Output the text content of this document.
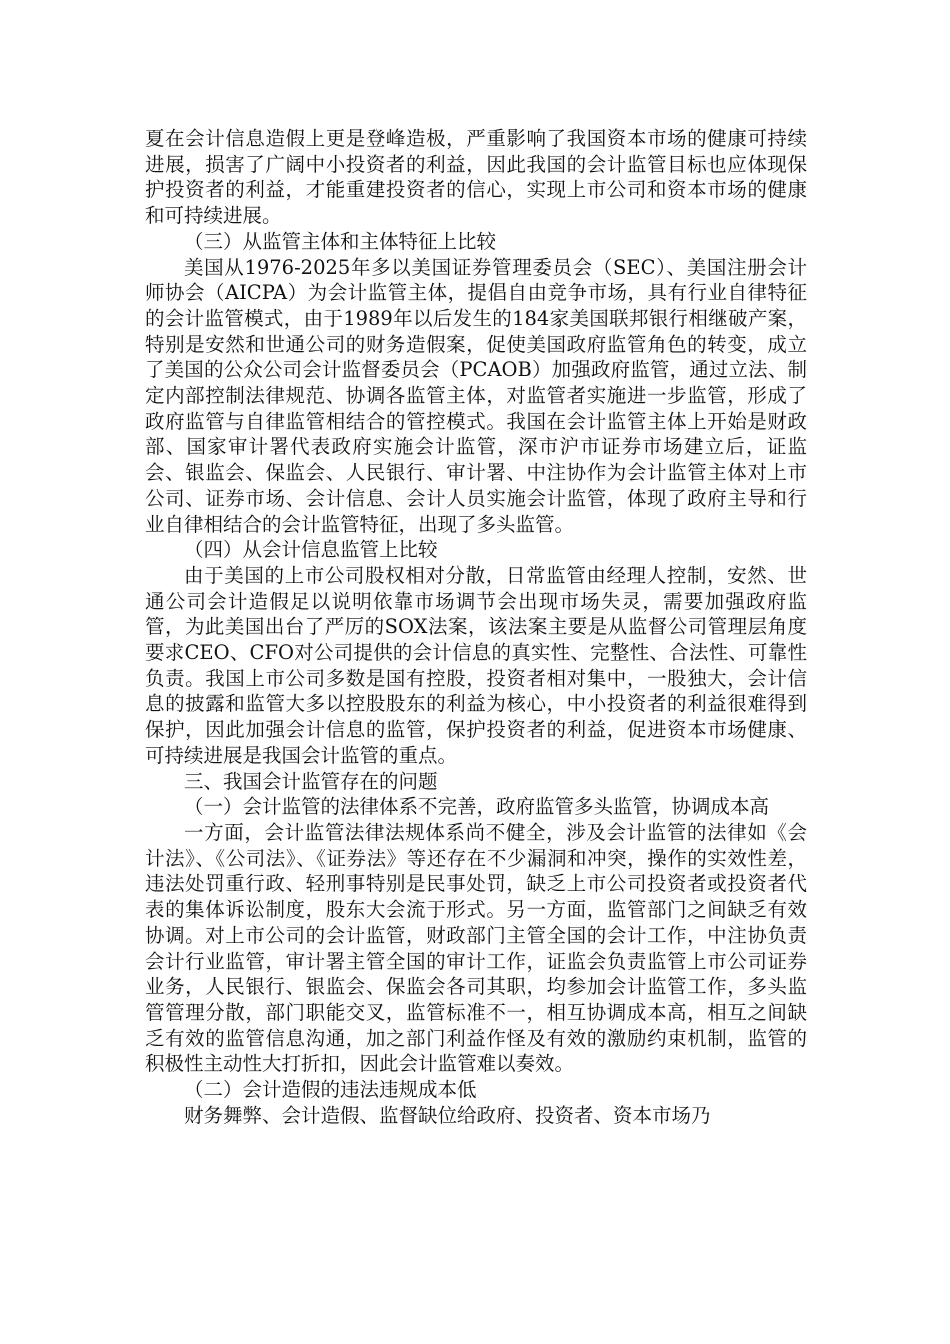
夏在会计信息造假上更是登峰造极，严重影响了我国资本市场的健康可持续进展，损害了广阔中小投资者的利益，因此我国的会计监管目标也应体现保护投资者的利益，才能重建投资者的信心，实现上市公司和资本市场的健康和可持续进展。

（三）从监管主体和主体特征上比较

美国从1976-2025年多以美国证券管理委员会（SEC）、美国注册会计师协会（AICPA）为会计监管主体，提倡自由竞争市场，具有行业自律特征的会计监管模式，由于1989年以后发生的184家美国联邦银行相继破产案，特别是安然和世通公司的财务造假案，促使美国政府监管角色的转变，成立了美国的公众公司会计监督委员会（PCAOB）加强政府监管，通过立法、制定内部控制法律规范、协调各监管主体，对监管者实施进一步监管，形成了政府监管与自律监管相结合的管控模式。我国在会计监管主体上开始是财政部、国家审计署代表政府实施会计监管，深市沪市证券市场建立后，证监会、银监会、保监会、人民银行、审计署、中注协作为会计监管主体对上市公司、证券市场、会计信息、会计人员实施会计监管，体现了政府主导和行业自律相结合的会计监管特征，出现了多头监管。

（四）从会计信息监管上比较

由于美国的上市公司股权相对分散，日常监管由经理人控制，安然、世通公司会计造假足以说明依靠市场调节会出现市场失灵，需要加强政府监管，为此美国出台了严厉的SOX法案，该法案主要是从监督公司管理层角度要求CEO、CFO对公司提供的会计信息的真实性、完整性、合法性、可靠性负责。我国上市公司多数是国有控股，投资者相对集中，一股独大，会计信息的披露和监管大多以控股股东的利益为核心，中小投资者的利益很难得到保护，因此加强会计信息的监管，保护投资者的利益，促进资本市场健康、可持续进展是我国会计监管的重点。

三、我国会计监管存在的问题

（一）会计监管的法律体系不完善，政府监管多头监管，协调成本高

一方面，会计监管法律法规体系尚不健全，涉及会计监管的法律如《会计法》、《公司法》、《证券法》等还存在不少漏洞和冲突，操作的实效性差，违法处罚重行政、轻刑事特别是民事处罚，缺乏上市公司投资者或投资者代表的集体诉讼制度，股东大会流于形式。另一方面，监管部门之间缺乏有效协调。对上市公司的会计监管，财政部门主管全国的会计工作，中注协负责会计行业监管，审计署主管全国的审计工作，证监会负责监管上市公司证券业务，人民银行、银监会、保监会各司其职，均参加会计监管工作，多头监管管理分散，部门职能交叉，监管标准不一，相互协调成本高，相互之间缺乏有效的监管信息沟通，加之部门利益作怪及有效的激励约束机制，监管的积极性主动性大打折扣，因此会计监管难以奏效。

（二）会计造假的违法违规成本低

财务舞弊、会计造假、监督缺位给政府、投资者、资本市场乃
